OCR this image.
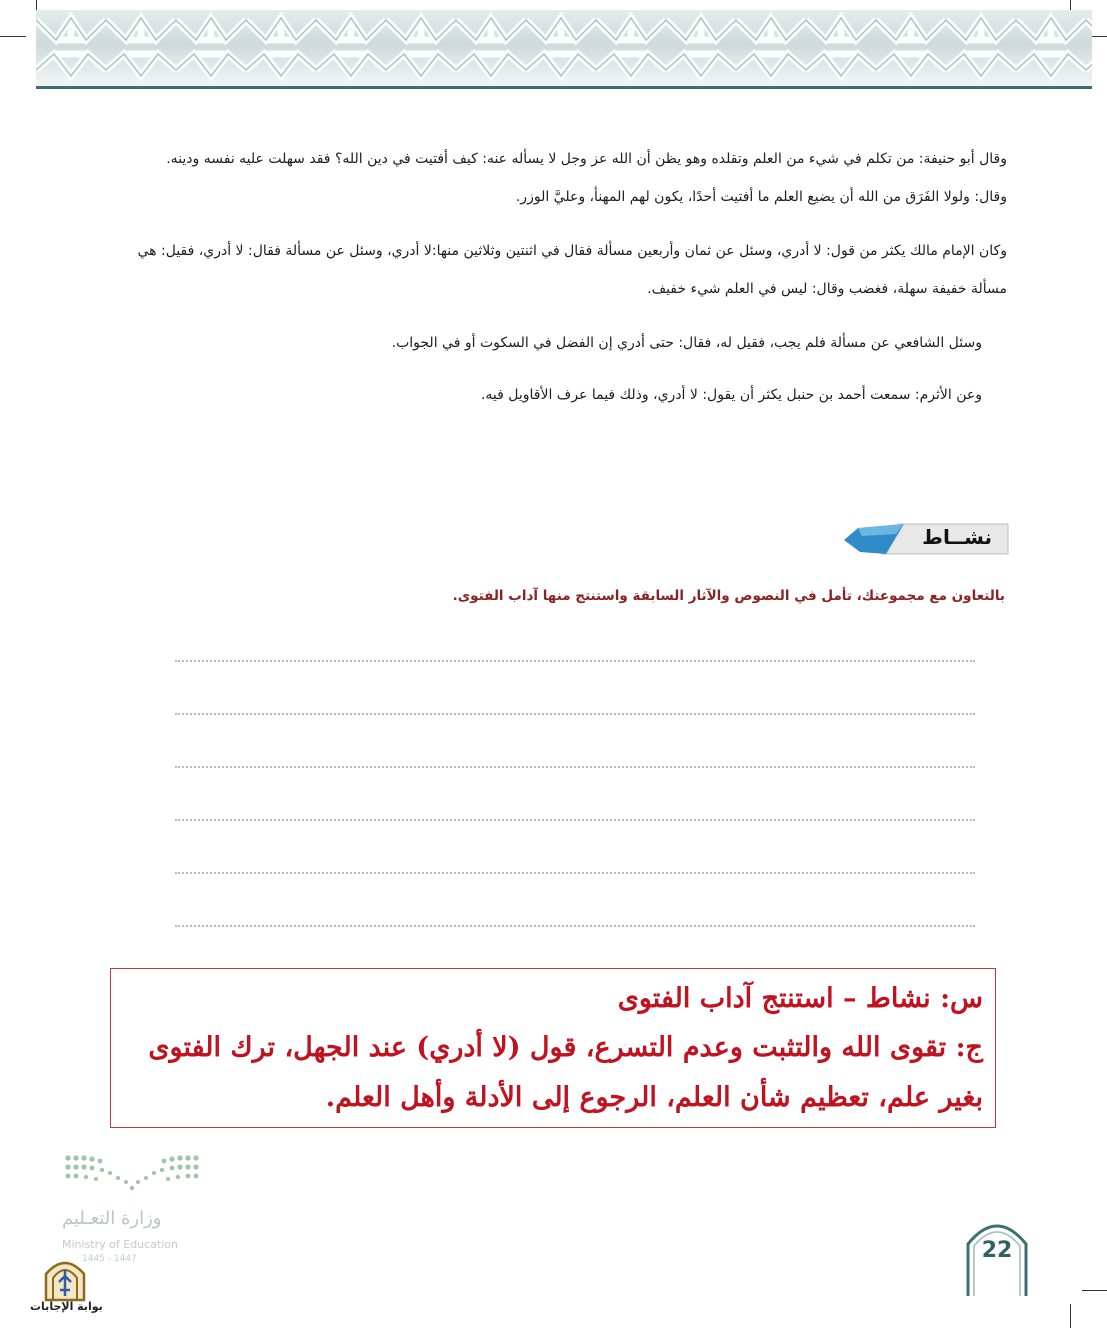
وقال أبو حنيفة: من تكلم في شيء من العلم وتقلده وهو يظن أن الله عز وجل لا يسأله عنه: كيف أفتيت في دين الله؟ فقد سهلت عليه نفسه ودينه. وقال: ولولا الفَرَق من الله أن يضيع العلم ما أفتيت أحدًا، يكون لهم المهنأ، وعليَّ الوزر.

وكان الإمام مالك يكثر من قول: لا أدري، وسئل عن ثمان وأربعين مسألة فقال في اثنتين وثلاثين منها:لا أدري، وسئل عن مسألة فقال: لا أدري، فقيل: هي مسألة خفيفة سهلة، فغضب وقال: ليس في العلم شيء خفيف.

وسئل الشافعي عن مسألة فلم يجب، فقيل له، فقال: حتى أدري إن الفضل في السكوت أو في الجواب.

وعن الأثرم: سمعت أحمد بن حنبل يكثر أن يقول: لا أدري، وذلك فيما عرف الأقاويل فيه.

نشــاط

بالتعاون مع مجموعتك، تأمل في النصوص والآثار السابقة واستنتج منها آداب الفتوى.

س: نشاط – استنتج آداب الفتوى

ج: تقوى الله والتثبت وعدم التسرع، قول (لا أدري) عند الجهل، ترك الفتوى بغير علم، تعظيم شأن العلم، الرجوع إلى الأدلة وأهل العلم.

وزارة التعـليم
Ministry of Education
1445 - 1447
بوابة الإجابات
22
